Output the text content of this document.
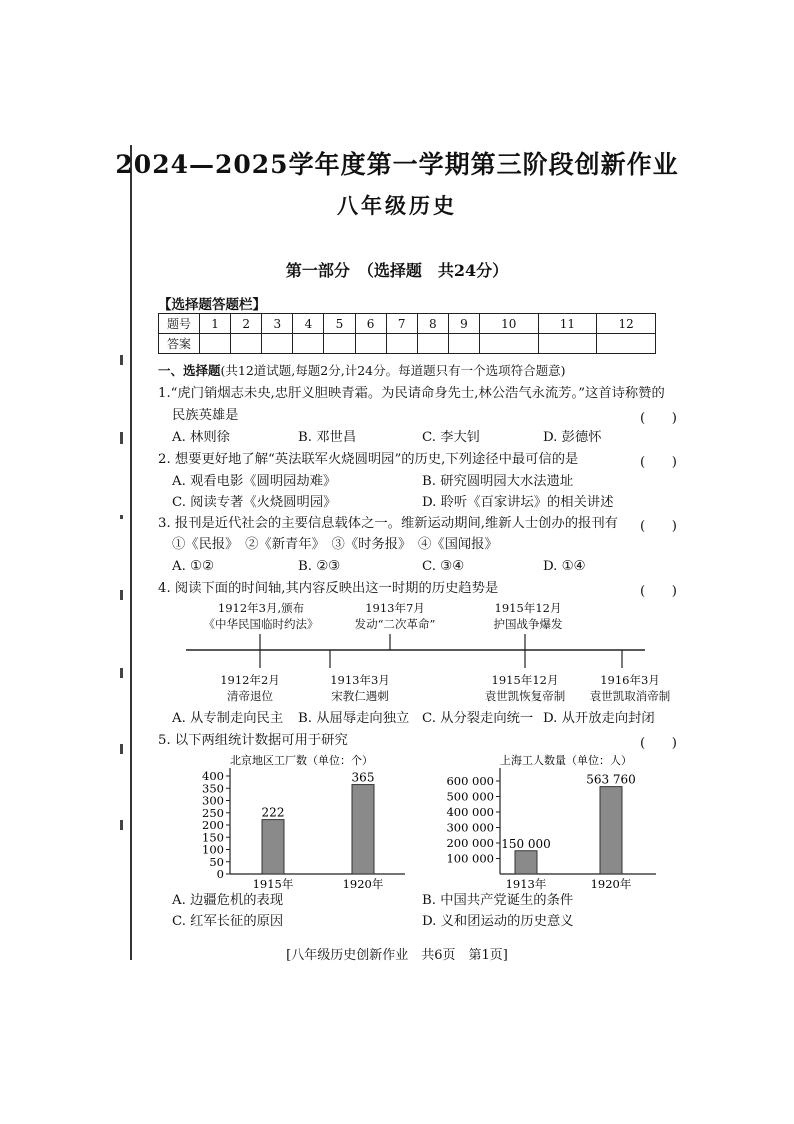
2024—2025学年度第一学期第三阶段创新作业
八年级历史
第一部分　（选择题　共24分）
【选择题答题栏】
题号	1	2	3	4	5	6	7	8	9	10	11	12
答案												
一、选择题(共12道试题,每题2分,计24分。每道题只有一个选项符合题意)
1.“虎门销烟志未央,忠肝义胆映青霜。为民请命身先士,林公浩气永流芳。”这首诗称赞的
民族英雄是	(　　)
A. 林则徐	B. 邓世昌	C. 李大钊	D. 彭德怀
2. 想要更好地了解“英法联军火烧圆明园”的历史,下列途径中最可信的是	(　　)
A. 观看电影《圆明园劫难》	B. 研究圆明园大水法遗址
C. 阅读专著《火烧圆明园》	D. 聆听《百家讲坛》的相关讲述
3. 报刊是近代社会的主要信息载体之一。维新运动期间,维新人士创办的报刊有 (　　)
①《民报》　②《新青年》　③《时务报》　④《国闻报》
A. ①②	B. ②③	C. ③④	D. ①④
4. 阅读下面的时间轴,其内容反映出这一时期的历史趋势是	(　　)
1912年3月,颁布
《中华民国临时约法》
1913年7月
发动“二次革命”
1915年12月
护国战争爆发
1912年2月
清帝退位
1913年3月
宋教仁遇刺
1915年12月
袁世凯恢复帝制
1916年3月
袁世凯取消帝制
A. 从专制走向民主 B. 从屈辱走向独立 C. 从分裂走向统一 D. 从开放走向封闭
5. 以下两组统计数据可用于研究	(　　)
北京地区工厂数（单位：个）
0
50
100
150
200
250
300
350
400
222
1915年
365
1920年
上海工人数量（单位：人）
100 000
200 000
300 000
400 000
500 000
600 000
150 000
1913年
563 760
1920年
A. 边疆危机的表现	B. 中国共产党诞生的条件
C. 红军长征的原因	D. 义和团运动的历史意义
[八年级历史创新作业　共6页　第1页]
